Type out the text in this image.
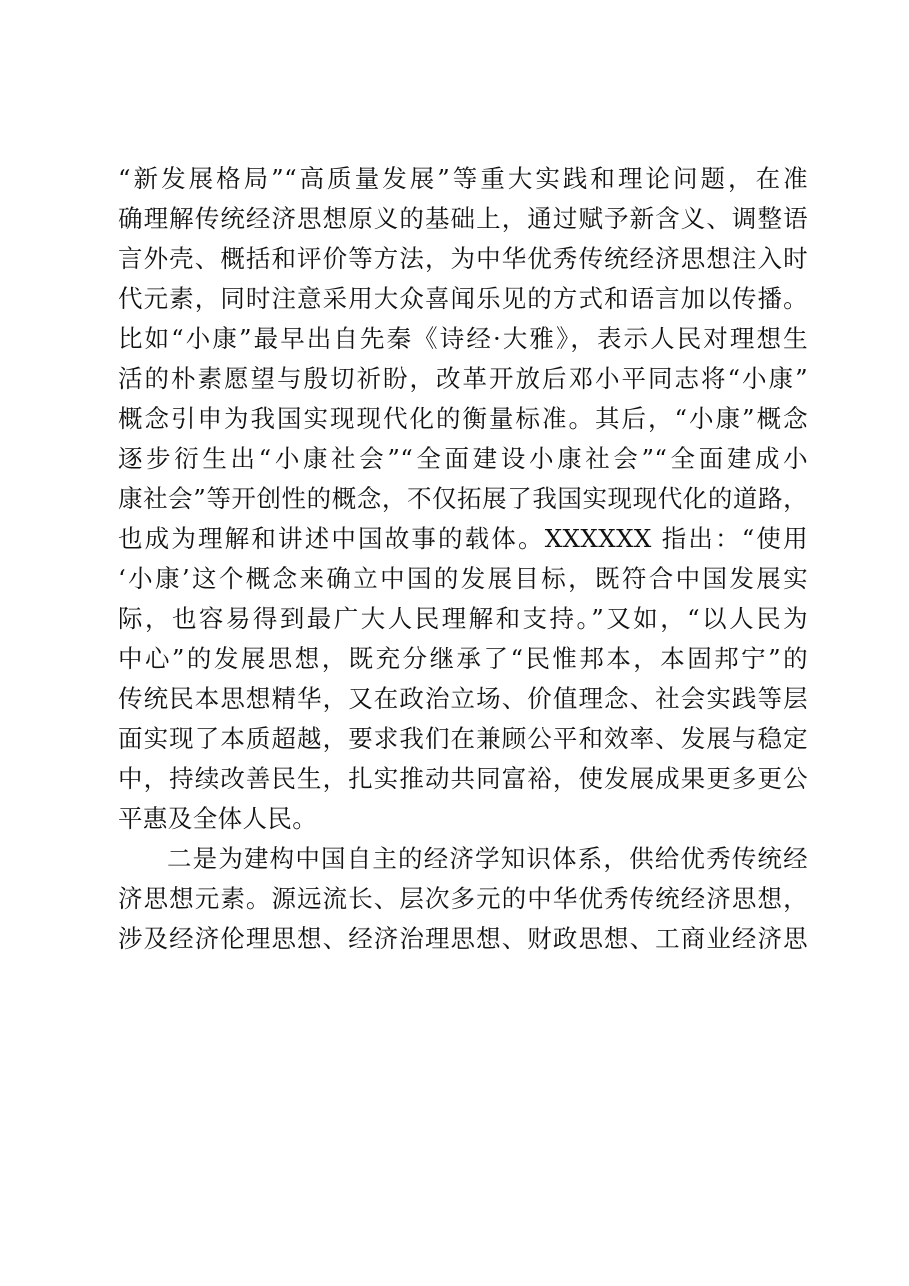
“新发展格局”“高质量发展”等重大实践和理论问题，在准
确理解传统经济思想原义的基础上，通过赋予新含义、调整语
言外壳、概括和评价等方法，为中华优秀传统经济思想注入时
代元素，同时注意采用大众喜闻乐见的方式和语言加以传播。
比如“小康”最早出自先秦《诗经·大雅》，表示人民对理想生
活的朴素愿望与殷切祈盼，改革开放后邓小平同志将“小康”
概念引申为我国实现现代化的衡量标准。其后，“小康”概念
逐步衍生出“小康社会”“全面建设小康社会”“全面建成小
康社会”等开创性的概念，不仅拓展了我国实现现代化的道路，
也成为理解和讲述中国故事的载体。XXXXXX 指出：“使用
‘小康’这个概念来确立中国的发展目标，既符合中国发展实
际，也容易得到最广大人民理解和支持。”又如，“以人民为
中心”的发展思想，既充分继承了“民惟邦本，本固邦宁”的
传统民本思想精华，又在政治立场、价值理念、社会实践等层
面实现了本质超越，要求我们在兼顾公平和效率、发展与稳定
中，持续改善民生，扎实推动共同富裕，使发展成果更多更公
平惠及全体人民。
二是为建构中国自主的经济学知识体系，供给优秀传统经
济思想元素。源远流长、层次多元的中华优秀传统经济思想，
涉及经济伦理思想、经济治理思想、财政思想、工商业经济思
